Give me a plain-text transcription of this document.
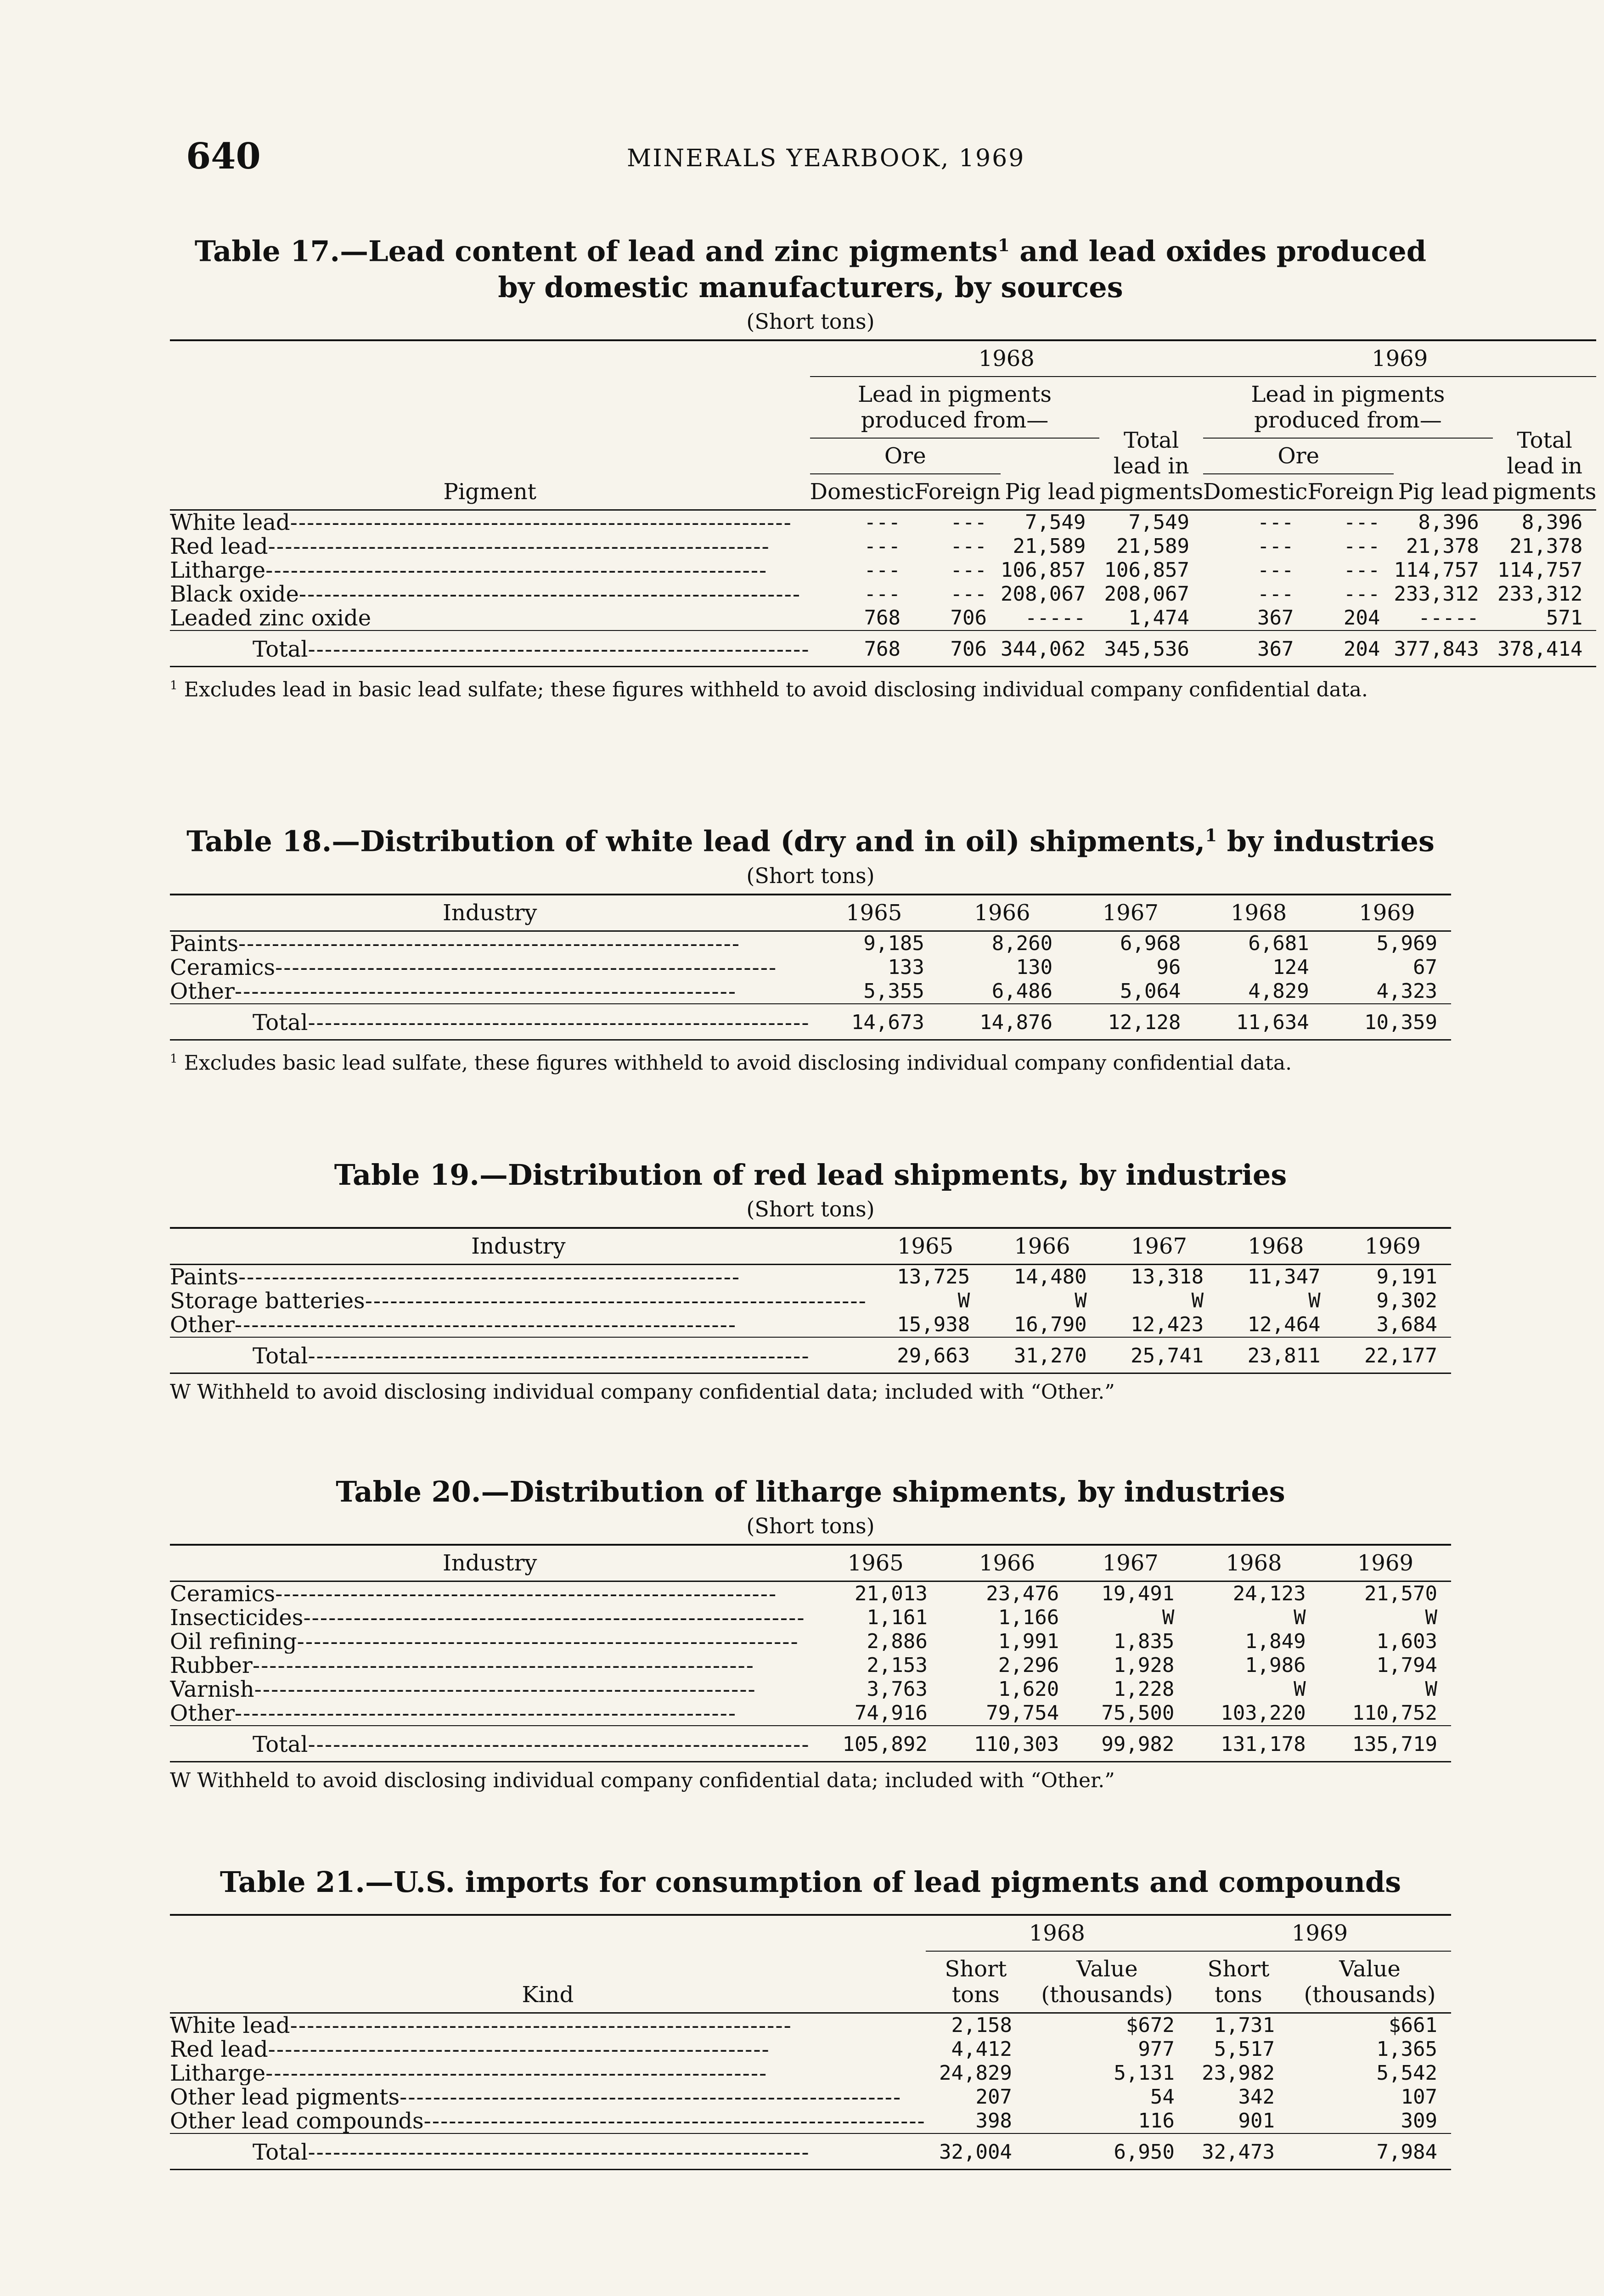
640	MINERALS YEARBOOK, 1969
Table 17.—Lead content of lead and zinc pigments$^1$ and lead oxides produced
by domestic manufacturers, by sources
(Short tons)
Pigment	1968				1969			
	Lead in pigments produced from—			Total lead in pigments	Lead in pigments produced from—			Total lead in pigments
	Ore		Pig lead		Ore		Pig lead	
	Domestic	Foreign			Domestic	Foreign		
White lead -----	---	---	7,549	7,549	---	---	8,396	8,396
Red lead -----	---	---	21,589	21,589	---	---	21,378	21,378
Litharge -----	---	---	106,857	106,857	---	---	114,757	114,757
Black oxide -----	---	---	208,067	208,067	---	---	233,312	233,312
Leaded zinc oxide	768	706	-----	1,474	367	204	-----	571
Total -----	768	706	344,062	345,536	367	204	377,843	378,414
$^1$ Excludes lead in basic lead sulfate; these figures withheld to avoid disclosing individual company confidential data.
Table 18.—Distribution of white lead (dry and in oil) shipments,$^1$ by industries
(Short tons)
Industry	1965	1966	1967	1968	1969
Paints -----	9,185	8,260	6,968	6,681	5,969
Ceramics -----	133	130	96	124	67
Other -----	5,355	6,486	5,064	4,829	4,323
Total -----	14,673	14,876	12,128	11,634	10,359
$^1$ Excludes basic lead sulfate, these figures withheld to avoid disclosing individual company confidential data.
Table 19.—Distribution of red lead shipments, by industries
(Short tons)
Industry	1965	1966	1967	1968	1969
Paints -----	13,725	14,480	13,318	11,347	9,191
Storage batteries -----	W	W	W	W	9,302
Other -----	15,938	16,790	12,423	12,464	3,684
Total -----	29,663	31,270	25,741	23,811	22,177
W Withheld to avoid disclosing individual company confidential data; included with “Other.”
Table 20.—Distribution of litharge shipments, by industries
(Short tons)
Industry	1965	1966	1967	1968	1969
Ceramics -----	21,013	23,476	19,491	24,123	21,570
Insecticides -----	1,161	1,166	W	W	W
Oil refining -----	2,886	1,991	1,835	1,849	1,603
Rubber -----	2,153	2,296	1,928	1,986	1,794
Varnish -----	3,763	1,620	1,228	W	W
Other -----	74,916	79,754	75,500	103,220	110,752
Total -----	105,892	110,303	99,982	131,178	135,719
W Withheld to avoid disclosing individual company confidential data; included with “Other.”
Table 21.—U.S. imports for consumption of lead pigments and compounds
Kind	1968		1969	
	Short tons	Value (thousands)	Short tons	Value (thousands)
White lead -----	2,158	$672	1,731	$661
Red lead -----	4,412	977	5,517	1,365
Litharge -----	24,829	5,131	23,982	5,542
Other lead pigments -----	207	54	342	107
Other lead compounds -----	398	116	901	309
Total -----	32,004	6,950	32,473	7,984
